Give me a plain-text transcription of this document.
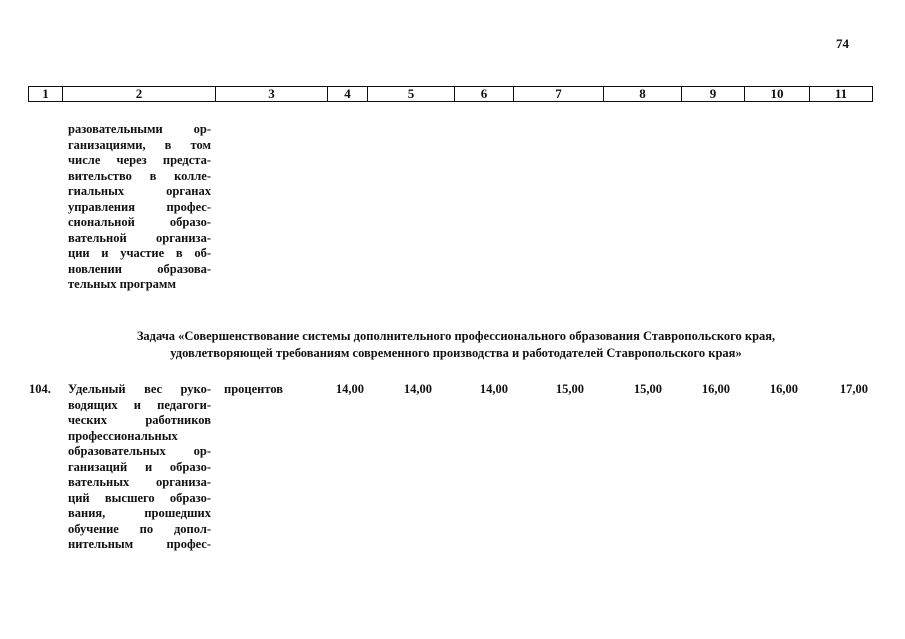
74
1	2	3	4	5	6	7	8	9	10	11
разовательными ор-
ганизациями, в том
числе через предста-
вительство в колле-
гиальных органах
управления профес-
сиональной образо-
вательной организа-
ции и участие в об-
новлении образова-
тельных программ
Задача «Совершенствование системы дополнительного профессионального образования Ставропольского края,
удовлетворяющей требованиям современного производства и работодателей Ставропольского края»
104. Удельный вес руко-
водящих и педагоги-
ческих работников
профессиональных
образовательных ор-
ганизаций и образо-
вательных организа-
ций высшего образо-
вания, прошедших
обучение по допол-
нительным профес-
процентов	14,00	14,00	14,00	15,00	15,00	16,00	16,00	17,00
